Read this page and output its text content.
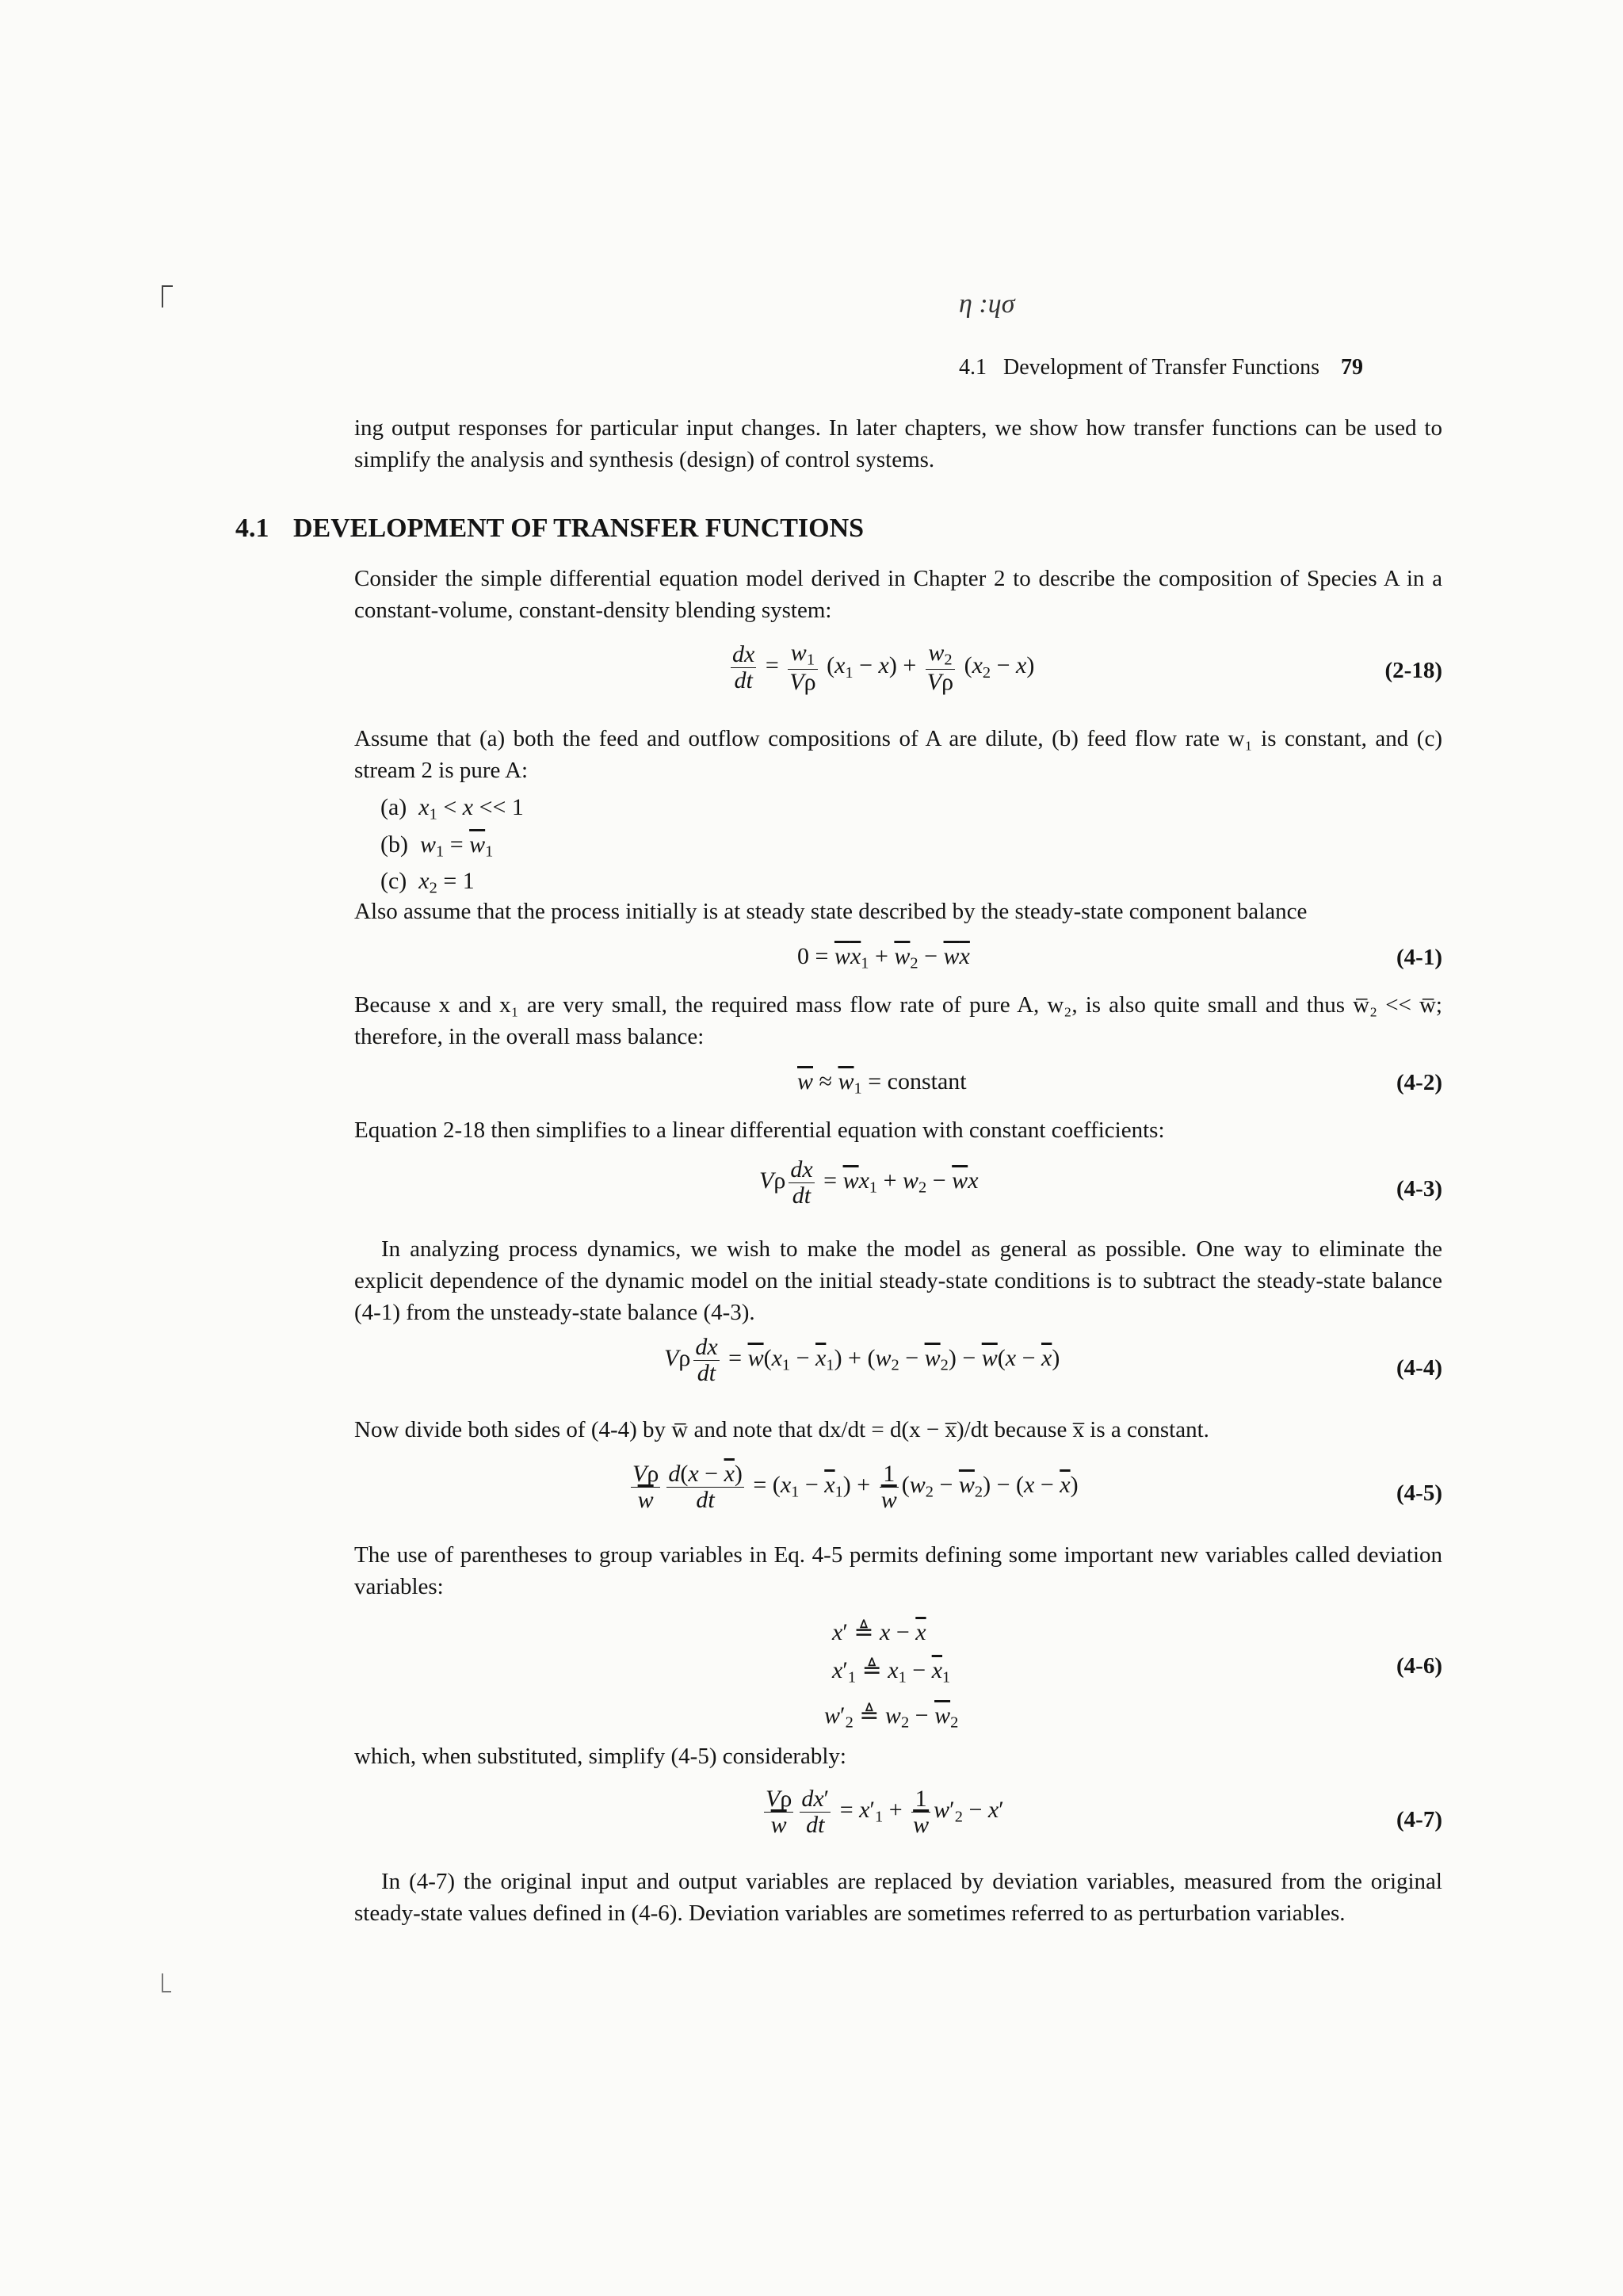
η :ɥσ
4.1 Development of Transfer Functions 79

ing output responses for particular input changes. In later chapters, we show how transfer functions can be used to simplify the analysis and synthesis (design) of control systems.

4.1 DEVELOPMENT OF TRANSFER FUNCTIONS

Consider the simple differential equation model derived in Chapter 2 to describe the composition of Species A in a constant-volume, constant-density blending system:

$\frac{dx}{dt} = \frac{w_1}{V\rho} (x_1 - x) + \frac{w_2}{V\rho} (x_2 - x)$	(2-18)

Assume that (a) both the feed and outflow compositions of A are dilute, (b) feed flow rate w₁ is constant, and (c) stream 2 is pure A:

(a) $x_1 < x << 1$
(b) $w_1 = \overline{w}_1$
(c) $x_2 = 1$

Also assume that the process initially is at steady state described by the steady-state component balance

$0 = \overline{w}\overline{x}_1 + \overline{w}_2 - \overline{w}\overline{x}$	(4-1)

Because x and x₁ are very small, the required mass flow rate of pure A, w₂, is also quite small and thus w̅₂ << w̅; therefore, in the overall mass balance:

$\overline{w} \approx \overline{w}_1$ = constant	(4-2)

Equation 2-18 then simplifies to a linear differential equation with constant coefficients:

Vρ $\frac{dx}{dt} = \overline{w}x_1 + w_2 - \overline{w}x$	(4-3)

In analyzing process dynamics, we wish to make the model as general as possible. One way to eliminate the explicit dependence of the dynamic model on the initial steady-state conditions is to subtract the steady-state balance (4-1) from the unsteady-state balance (4-3).

Vρ $\frac{dx}{dt} = \overline{w}(x_1 - \overline{x}_1) + (w_2 - \overline{w}_2) - \overline{w}(x - \overline{x})$	(4-4)

Now divide both sides of (4-4) by w̅ and note that dx/dt = d(x − x̅)/dt because x̅ is a constant.

$\frac{V\rho}{w} \frac{d(x - \overline{x})}{dt} = (x_1 - \overline{x}_1) + \frac{1}{w} (w_2 - \overline{w}_2) - (x - \overline{x})$	(4-5)

The use of parentheses to group variables in Eq. 4-5 permits defining some important new variables called deviation variables:

x′ ≜ $x - \overline{x}$
$x'_1$ ≜ $x_1 - \overline{x}_1$
$w'_2$ ≜ $w_2 - \overline{w}_2$
(4-6)

which, when substituted, simplify (4-5) considerably:

$\frac{V\rho}{w} \frac{dx'}{dt} = x'_1 + \frac{1}{w} w'_2 - x'$	(4-7)

In (4-7) the original input and output variables are replaced by deviation variables, measured from the original steady-state values defined in (4-6). Deviation variables are sometimes referred to as perturbation variables.
